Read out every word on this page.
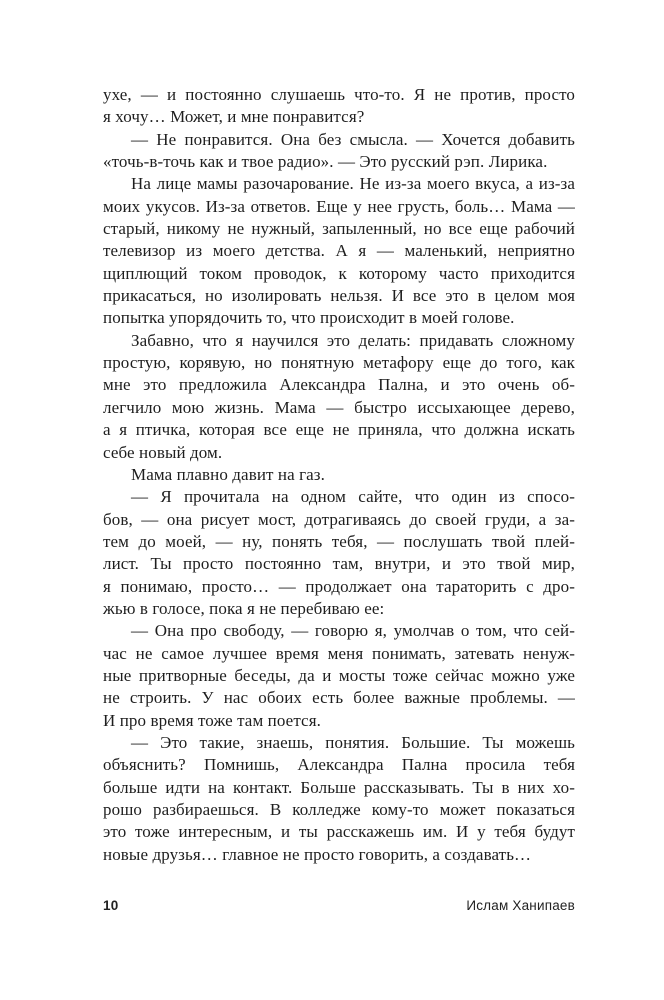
ухе, — и постоянно слушаешь что-то. Я не против, просто
я хочу… Может, и мне понравится?

— Не понравится. Она без смысла. — Хочется добавить
«точь-в-точь как и твое радио». — Это русский рэп. Лирика.

На лице мамы разочарование. Не из-за моего вкуса, а из-за
моих укусов. Из-за ответов. Еще у нее грусть, боль… Мама —
старый, никому не нужный, запыленный, но все еще рабочий
телевизор из моего детства. А я — маленький, неприятно
щиплющий током проводок, к которому часто приходится
прикасаться, но изолировать нельзя. И все это в целом моя
попытка упорядочить то, что происходит в моей голове.

Забавно, что я научился это делать: придавать сложному
простую, корявую, но понятную метафору еще до того, как
мне это предложила Александра Пална, и это очень об-
легчило мою жизнь. Мама — быстро иссыхающее дерево,
а я птичка, которая все еще не приняла, что должна искать
себе новый дом.

Мама плавно давит на газ.

— Я прочитала на одном сайте, что один из спосо-
бов, — она рисует мост, дотрагиваясь до своей груди, а за-
тем до моей, — ну, понять тебя, — послушать твой плей-
лист. Ты просто постоянно там, внутри, и это твой мир,
я понимаю, просто… — продолжает она тараторить с дро-
жью в голосе, пока я не перебиваю ее:

— Она про свободу, — говорю я, умолчав о том, что сей-
час не самое лучшее время меня понимать, затевать ненуж-
ные притворные беседы, да и мосты тоже сейчас можно уже
не строить. У нас обоих есть более важные проблемы. —
И про время тоже там поется.

— Это такие, знаешь, понятия. Большие. Ты можешь
объяснить? Помнишь, Александра Пална просила тебя
больше идти на контакт. Больше рассказывать. Ты в них хо-
рошо разбираешься. В колледже кому-то может показаться
это тоже интересным, и ты расскажешь им. И у тебя будут
новые друзья… главное не просто говорить, а создавать…

10	Ислам Ханипаев
